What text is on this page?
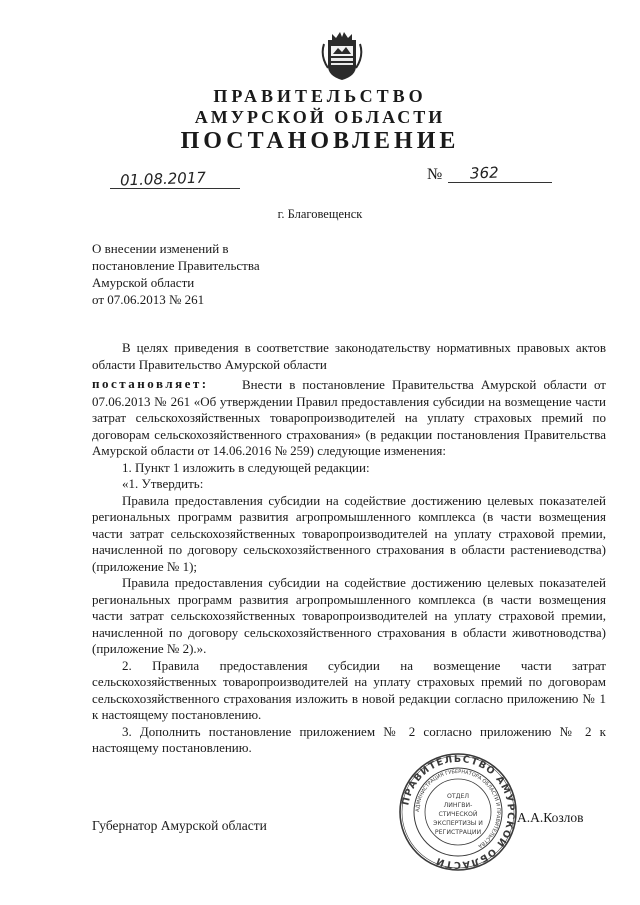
ПРАВИТЕЛЬСТВО
АМУРСКОЙ ОБЛАСТИ
ПОСТАНОВЛЕНИЕ
01.08.2017	№ 362
г. Благовещенск
О внесении изменений в
постановление Правительства
Амурской области
от 07.06.2013 № 261
В целях приведения в соответствие законодательству нормативных правовых актов области Правительство Амурской области
постановляет:	Внести в постановление Правительства Амурской области от 07.06.2013 № 261 «Об утверждении Правил предоставления субсидии на возмещение части затрат сельскохозяйственных товаропроизводителей на уплату страховых премий по договорам сельскохозяйственного страхования» (в редакции постановления Правительства Амурской области от 14.06.2016 № 259) следующие изменения:

1. Пункт 1 изложить в следующей редакции:

«1. Утвердить:

Правила предоставления субсидии на содействие достижению целевых показателей региональных программ развития агропромышленного комплекса (в части возмещения части затрат сельскохозяйственных товаропроизводителей на уплату страховой премии, начисленной по договору сельскохозяйственного страхования в области растениеводства) (приложение № 1);

Правила предоставления субсидии на содействие достижению целевых показателей региональных программ развития агропромышленного комплекса (в части возмещения части затрат сельскохозяйственных товаропроизводителей на уплату страховой премии, начисленной по договору сельскохозяйственного страхования в области животноводства) (приложение № 2).».

2. Правила предоставления субсидии на возмещение части затрат сельскохозяйственных товаропроизводителей на уплату страховых премий по договорам сельскохозяйственного страхования изложить в новой редакции согласно приложению № 1 к настоящему постановлению.

3. Дополнить постановление приложением № 2 согласно приложению № 2 к настоящему постановлению.

ПРАВИТЕЛЬСТВО АМУРСКОЙ ОБЛАСТИ
АДМИНИСТРАЦИЯ ГУБЕРНАТОРА ОБЛАСТИ И ПРАВИТЕЛЬСТВА
ОТДЕЛ
ЛИНГВИ-
СТИЧЕСКОЙ
ЭКСПЕРТИЗЫ И
РЕГИСТРАЦИИ
Губернатор Амурской области
А.А.Козлов
